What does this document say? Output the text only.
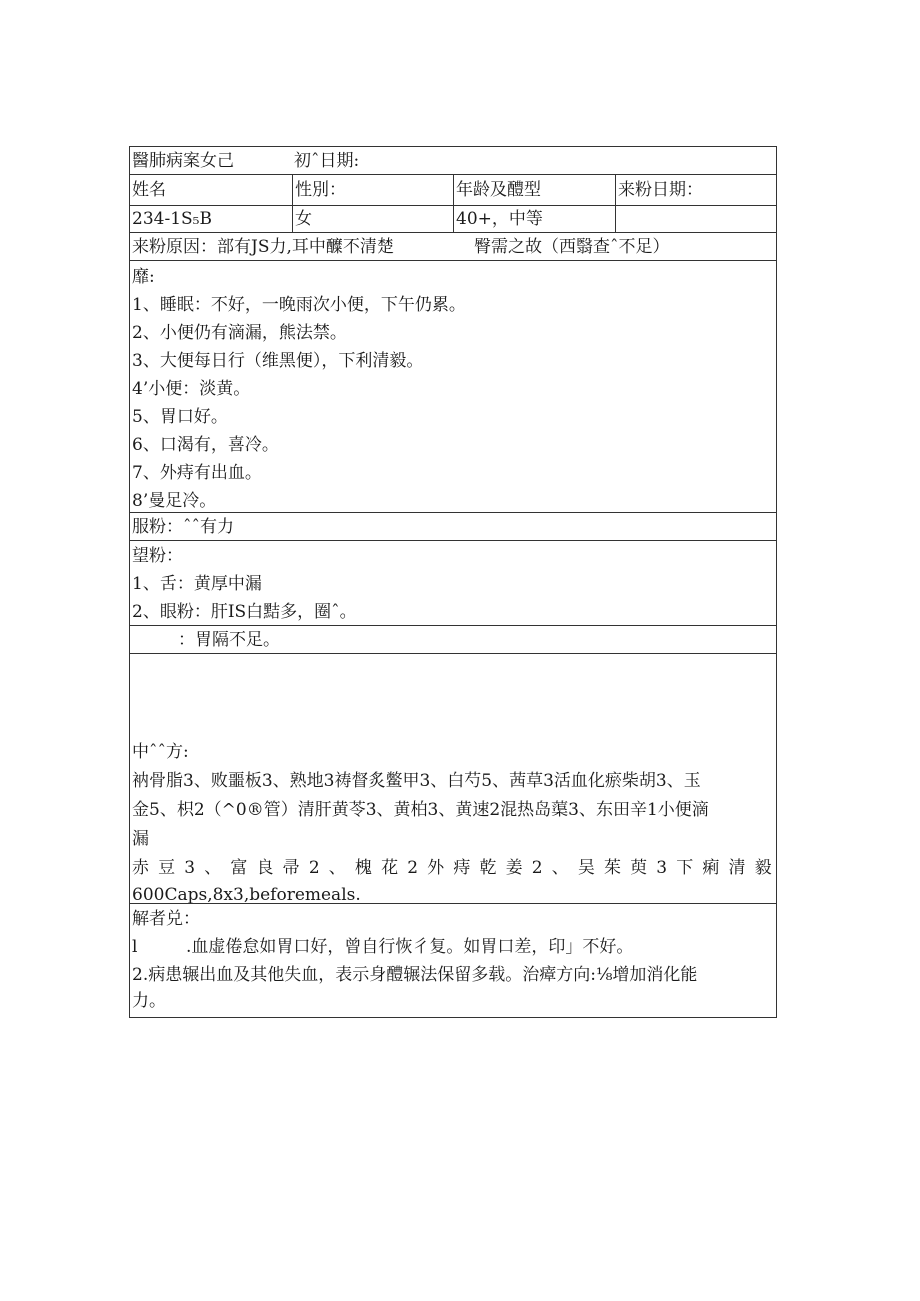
醫肺病案女己	初ˆ日期:
姓名	性別：	年龄及醴型	来粉日期：
234-1S₅B	女	40+，中等
来粉原因：部有JS力,耳中醾不清楚	臀需之故（西翳查ˆ不足）
靡:
1、睡眠：不好，一晚雨次小便，下午仍累。
2、小便仍有滴漏，熊法禁。
3、大便每日行（维黑便），下利清毅。
4’小便：淡黄。
5、胃口好。
6、口渴有，喜冷。
7、外痔有出血。
8’曼足冷。
服粉：ˆˆ有力
望粉：
1、舌：黄厚中漏
2、眼粉：肝IS白黠多，圈ˆ。
：胃隔不足。
中ˆˆ方:
衲骨脂3、败噩板3、熟地3祷督炙鳖甲3、白芍5、茜草3活血化瘀柴胡3、玉
金5、枳2（^0®管）清肝黄苓3、黄柏3、黄速2混热岛蕖3、东田辛1小便滴
漏
赤 豆 3 、 富 良 帚 2 、 槐 花 2 外 痔 乾 姜 2 、 吴 茱 萸 3 下 痢 清 毅
600Caps,8x3,beforemeals.
解者兑：
l	.血虚倦怠如胃口好，曾自行恢彳复。如胃口差，印」不好。
2.病患辗出血及其他失血，表示身醴辗法保留多载。治瘴方向:⅛增加消化能
力。
